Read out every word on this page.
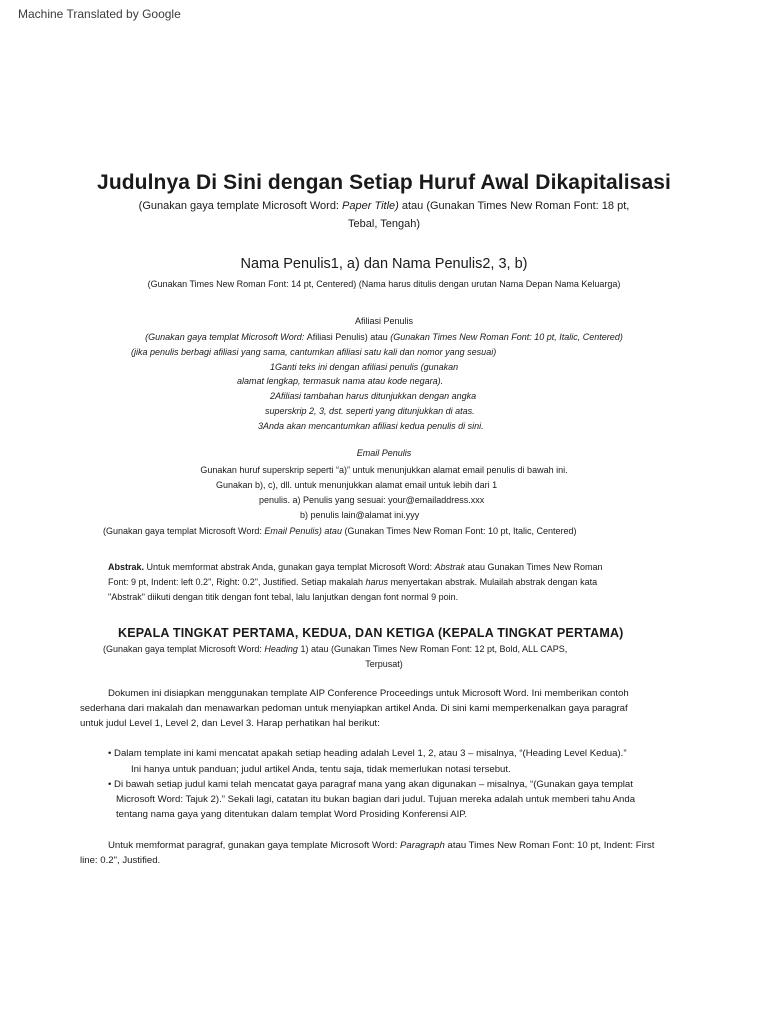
Machine Translated by Google
Judulnya Di Sini dengan Setiap Huruf Awal Dikapitalisasi
(Gunakan gaya template Microsoft Word: Paper Title) atau (Gunakan Times New Roman Font: 18 pt,
Tebal, Tengah)
Nama Penulis1, a) dan Nama Penulis2, 3, b)
(Gunakan Times New Roman Font: 14 pt, Centered) (Nama harus ditulis dengan urutan Nama Depan Nama Keluarga)
Afiliasi Penulis
(Gunakan gaya templat Microsoft Word: Afiliasi Penulis) atau (Gunakan Times New Roman Font: 10 pt, Italic, Centered)
(jika penulis berbagi afiliasi yang sama, cantumkan afiliasi satu kali dan nomor yang sesuai)
1Ganti teks ini dengan afiliasi penulis (gunakan
alamat lengkap, termasuk nama atau kode negara).
2Afiliasi tambahan harus ditunjukkan dengan angka
superskrip 2, 3, dst. seperti yang ditunjukkan di atas.
3Anda akan mencantumkan afiliasi kedua penulis di sini.
Email Penulis
Gunakan huruf superskrip seperti “a)” untuk menunjukkan alamat email penulis di bawah ini.
Gunakan b), c), dll. untuk menunjukkan alamat email untuk lebih dari 1
penulis. a) Penulis yang sesuai: your@emailaddress.xxx
b) penulis lain@alamat ini.yyy
(Gunakan gaya templat Microsoft Word: Email Penulis) atau (Gunakan Times New Roman Font: 10 pt, Italic, Centered)
Abstrak. Untuk memformat abstrak Anda, gunakan gaya templat Microsoft Word: Abstrak atau Gunakan Times New Roman
Font: 9 pt, Indent: left 0.2", Right: 0.2", Justified. Setiap makalah harus menyertakan abstrak. Mulailah abstrak dengan kata
"Abstrak" diikuti dengan titik dengan font tebal, lalu lanjutkan dengan font normal 9 poin.
KEPALA TINGKAT PERTAMA, KEDUA, DAN KETIGA (KEPALA TINGKAT PERTAMA)
(Gunakan gaya templat Microsoft Word: Heading 1) atau (Gunakan Times New Roman Font: 12 pt, Bold, ALL CAPS,
Terpusat)
Dokumen ini disiapkan menggunakan template AIP Conference Proceedings untuk Microsoft Word. Ini memberikan contoh
sederhana dari makalah dan menawarkan pedoman untuk menyiapkan artikel Anda. Di sini kami memperkenalkan gaya paragraf
untuk judul Level 1, Level 2, dan Level 3. Harap perhatikan hal berikut:
• Dalam template ini kami mencatat apakah setiap heading adalah Level 1, 2, atau 3 – misalnya, “(Heading Level Kedua).”
Ini hanya untuk panduan; judul artikel Anda, tentu saja, tidak memerlukan notasi tersebut.
• Di bawah setiap judul kami telah mencatat gaya paragraf mana yang akan digunakan – misalnya, “(Gunakan gaya templat
Microsoft Word: Tajuk 2).” Sekali lagi, catatan itu bukan bagian dari judul. Tujuan mereka adalah untuk memberi tahu Anda
tentang nama gaya yang ditentukan dalam templat Word Prosiding Konferensi AIP.
Untuk memformat paragraf, gunakan gaya template Microsoft Word: Paragraph atau Times New Roman Font: 10 pt, Indent: First
line: 0.2", Justified.
